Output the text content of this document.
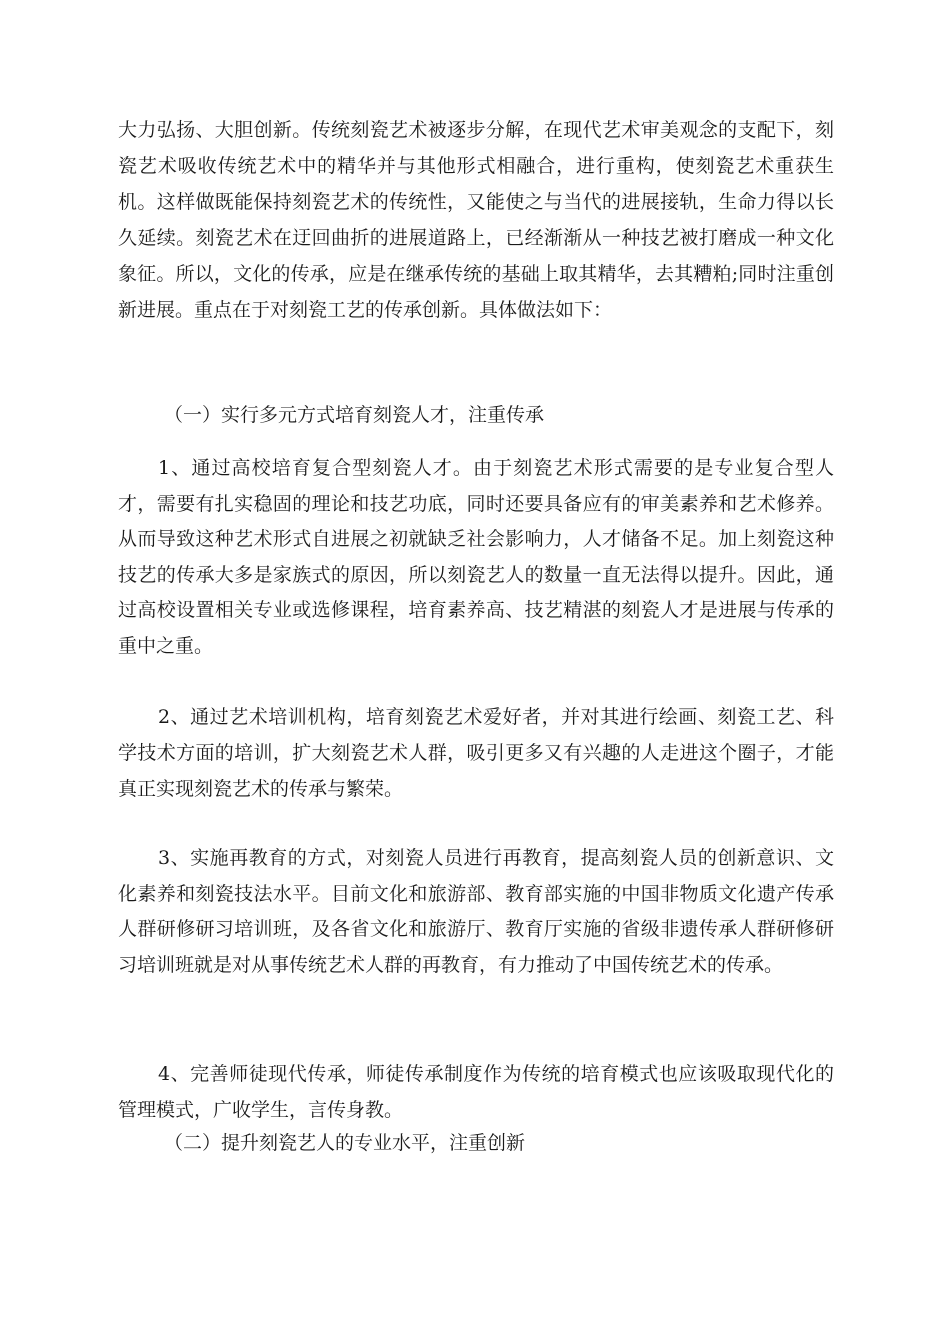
大力弘扬、大胆创新。传统刻瓷艺术被逐步分解，在现代艺术审美观念的支配下，刻瓷艺术吸收传统艺术中的精华并与其他形式相融合，进行重构，使刻瓷艺术重获生机。这样做既能保持刻瓷艺术的传统性，又能使之与当代的进展接轨，生命力得以长久延续。刻瓷艺术在迂回曲折的进展道路上，已经渐渐从一种技艺被打磨成一种文化象征。所以，文化的传承，应是在继承传统的基础上取其精华，去其糟粕;同时注重创新进展。重点在于对刻瓷工艺的传承创新。具体做法如下：

（一）实行多元方式培育刻瓷人才，注重传承

1、通过高校培育复合型刻瓷人才。由于刻瓷艺术形式需要的是专业复合型人才，需要有扎实稳固的理论和技艺功底，同时还要具备应有的审美素养和艺术修养。从而导致这种艺术形式自进展之初就缺乏社会影响力，人才储备不足。加上刻瓷这种技艺的传承大多是家族式的原因，所以刻瓷艺人的数量一直无法得以提升。因此，通过高校设置相关专业或选修课程，培育素养高、技艺精湛的刻瓷人才是进展与传承的重中之重。

2、通过艺术培训机构，培育刻瓷艺术爱好者，并对其进行绘画、刻瓷工艺、科学技术方面的培训，扩大刻瓷艺术人群，吸引更多又有兴趣的人走进这个圈子，才能真正实现刻瓷艺术的传承与繁荣。

3、实施再教育的方式，对刻瓷人员进行再教育，提高刻瓷人员的创新意识、文化素养和刻瓷技法水平。目前文化和旅游部、教育部实施的中国非物质文化遗产传承人群研修研习培训班，及各省文化和旅游厅、教育厅实施的省级非遗传承人群研修研习培训班就是对从事传统艺术人群的再教育，有力推动了中国传统艺术的传承。

4、完善师徒现代传承，师徒传承制度作为传统的培育模式也应该吸取现代化的管理模式，广收学生，言传身教。

（二）提升刻瓷艺人的专业水平，注重创新
